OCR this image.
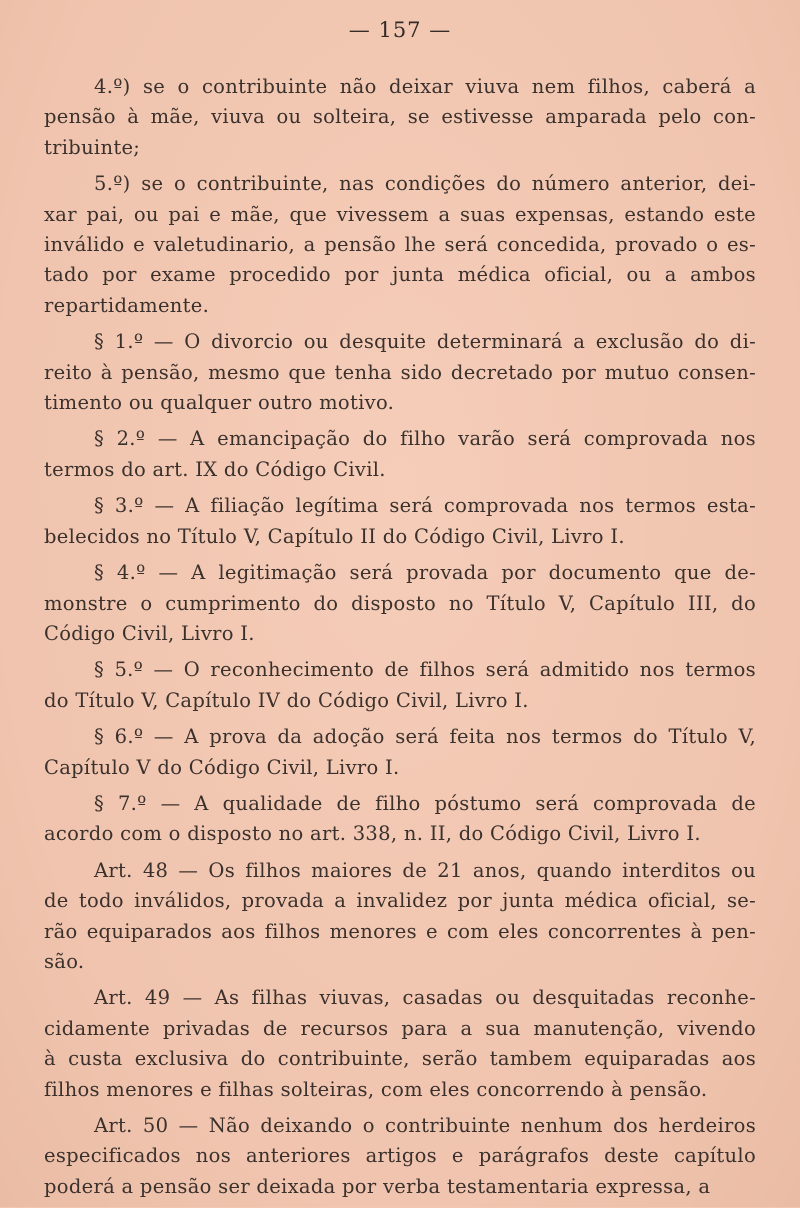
— 157 —
4.º) se o contribuinte não deixar viuva nem filhos, caberá a
pensão à mãe, viuva ou solteira, se estivesse amparada pelo con-
tribuinte;
5.º) se o contribuinte, nas condições do número anterior, dei-
xar pai, ou pai e mãe, que vivessem a suas expensas, estando este
inválido e valetudinario, a pensão lhe será concedida, provado o es-
tado por exame procedido por junta médica oficial, ou a ambos
repartidamente.
§ 1.º — O divorcio ou desquite determinará a exclusão do di-
reito à pensão, mesmo que tenha sido decretado por mutuo consen-
timento ou qualquer outro motivo.
§ 2.º — A emancipação do filho varão será comprovada nos
termos do art. IX do Código Civil.
§ 3.º — A filiação legítima será comprovada nos termos esta-
belecidos no Título V, Capítulo II do Código Civil, Livro I.
§ 4.º — A legitimação será provada por documento que de-
monstre o cumprimento do disposto no Título V, Capítulo III, do
Código Civil, Livro I.
§ 5.º — O reconhecimento de filhos será admitido nos termos
do Título V, Capítulo IV do Código Civil, Livro I.
§ 6.º — A prova da adoção será feita nos termos do Título V,
Capítulo V do Código Civil, Livro I.
§ 7.º — A qualidade de filho póstumo será comprovada de
acordo com o disposto no art. 338, n. II, do Código Civil, Livro I.
Art. 48 — Os filhos maiores de 21 anos, quando interditos ou
de todo inválidos, provada a invalidez por junta médica oficial, se-
rão equiparados aos filhos menores e com eles concorrentes à pen-
são.
Art. 49 — As filhas viuvas, casadas ou desquitadas reconhe-
cidamente privadas de recursos para a sua manutenção, vivendo
à custa exclusiva do contribuinte, serão tambem equiparadas aos
filhos menores e filhas solteiras, com eles concorrendo à pensão.
Art. 50 — Não deixando o contribuinte nenhum dos herdeiros
especificados nos anteriores artigos e parágrafos deste capítulo
poderá a pensão ser deixada por verba testamentaria expressa, a
